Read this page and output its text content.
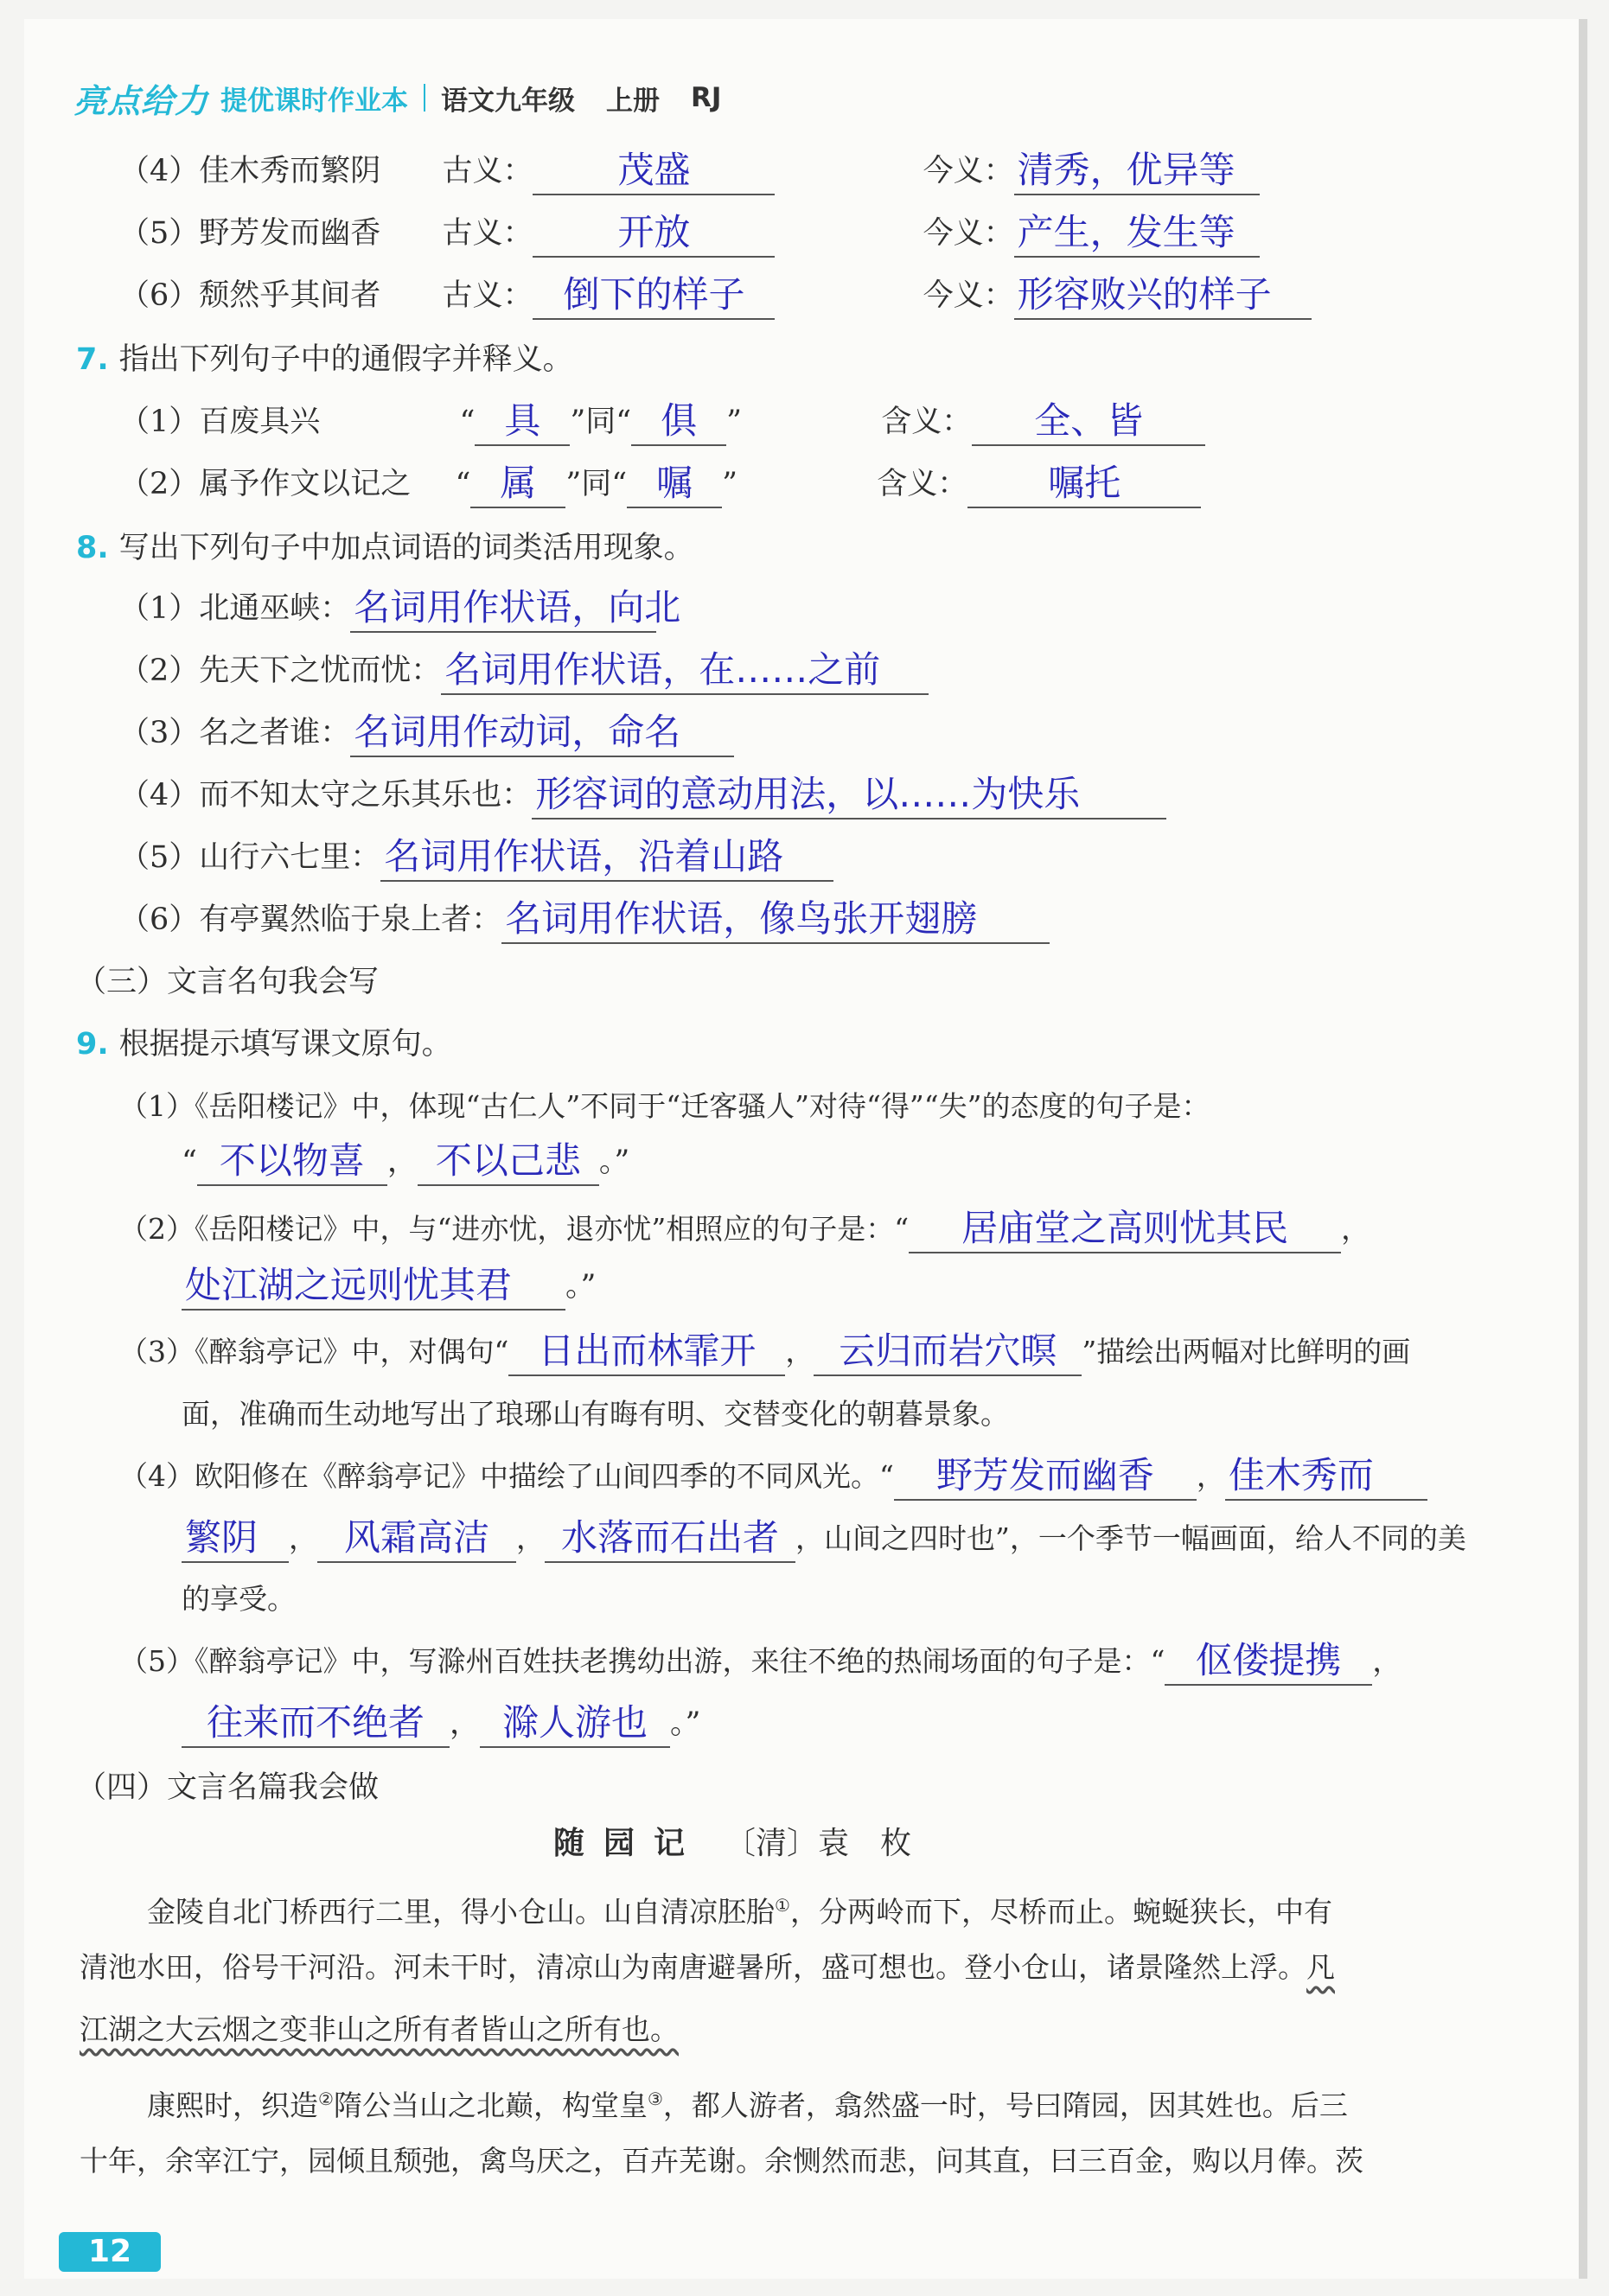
亮点给力 提优课时作业本 语文九年级 上册 RJ
（4）佳木秀而繁阴 古义： 茂盛	今义：清秀，优异等
（5）野芳发而幽香 古义： 开放	今义：产生，发生等
（6）颓然乎其间者 古义： 倒下的样子	今义：形容败兴的样子
7. 指出下列句子中的通假字并释义。
（1）百废具兴	“ 具 ”同“ 俱 ”	含义： 全、皆
（2）属予作文以记之 “ 属 ”同“ 嘱 ”	含义： 嘱托
8. 写出下列句子中加点词语的词类活用现象。
（1）北通巫峡：名词用作状语，向北
（2）先天下之忧而忧：名词用作状语，在……之前
（3）名之者谁：名词用作动词，命名
（4）而不知太守之乐其乐也：形容词的意动用法，以……为快乐
（5）山行六七里：名词用作状语，沿着山路
（6）有亭翼然临于泉上者：名词用作状语，像鸟张开翅膀
（三）文言名句我会写
9. 根据提示填写课文原句。
（1）《岳阳楼记》中，体现“古仁人”不同于“迁客骚人”对待“得”“失”的态度的句子是：
“ 不以物喜 ， 不以己悲 。”
（2）《岳阳楼记》中，与“进亦忧，退亦忧”相照应的句子是：“ 居庙堂之高则忧其民 ，
处江湖之远则忧其君 。”
（3）《醉翁亭记》中，对偶句“ 日出而林霏开 ， 云归而岩穴暝 ”描绘出两幅对比鲜明的画
面，准确而生动地写出了琅琊山有晦有明、交替变化的朝暮景象。
（4）欧阳修在《醉翁亭记》中描绘了山间四季的不同风光。“ 野芳发而幽香 ，佳木秀而
繁阴 ， 风霜高洁 ， 水落而石出者 ，山间之四时也”，一个季节一幅画面，给人不同的美
的享受。
（5）《醉翁亭记》中，写滁州百姓扶老携幼出游，来往不绝的热闹场面的句子是：“ 伛偻提携 ，
往来而不绝者 ， 滁人游也 。”
（四）文言名篇我会做
随园记 〔清〕袁　枚
金陵自北门桥西行二里，得小仓山。山自清凉胚胎①，分两岭而下，尽桥而止。蜿蜒狭长，中有
清池水田，俗号干河沿。河未干时，清凉山为南唐避暑所，盛可想也。登小仓山，诸景隆然上浮。凡
江湖之大云烟之变非山之所有者皆山之所有也。
康熙时，织造②隋公当山之北巅，构堂皇③，都人游者，翕然盛一时，号曰隋园，因其姓也。后三
十年，余宰江宁，园倾且颓弛，禽鸟厌之，百卉芜谢。余恻然而悲，问其直，曰三百金，购以月俸。茨
12
